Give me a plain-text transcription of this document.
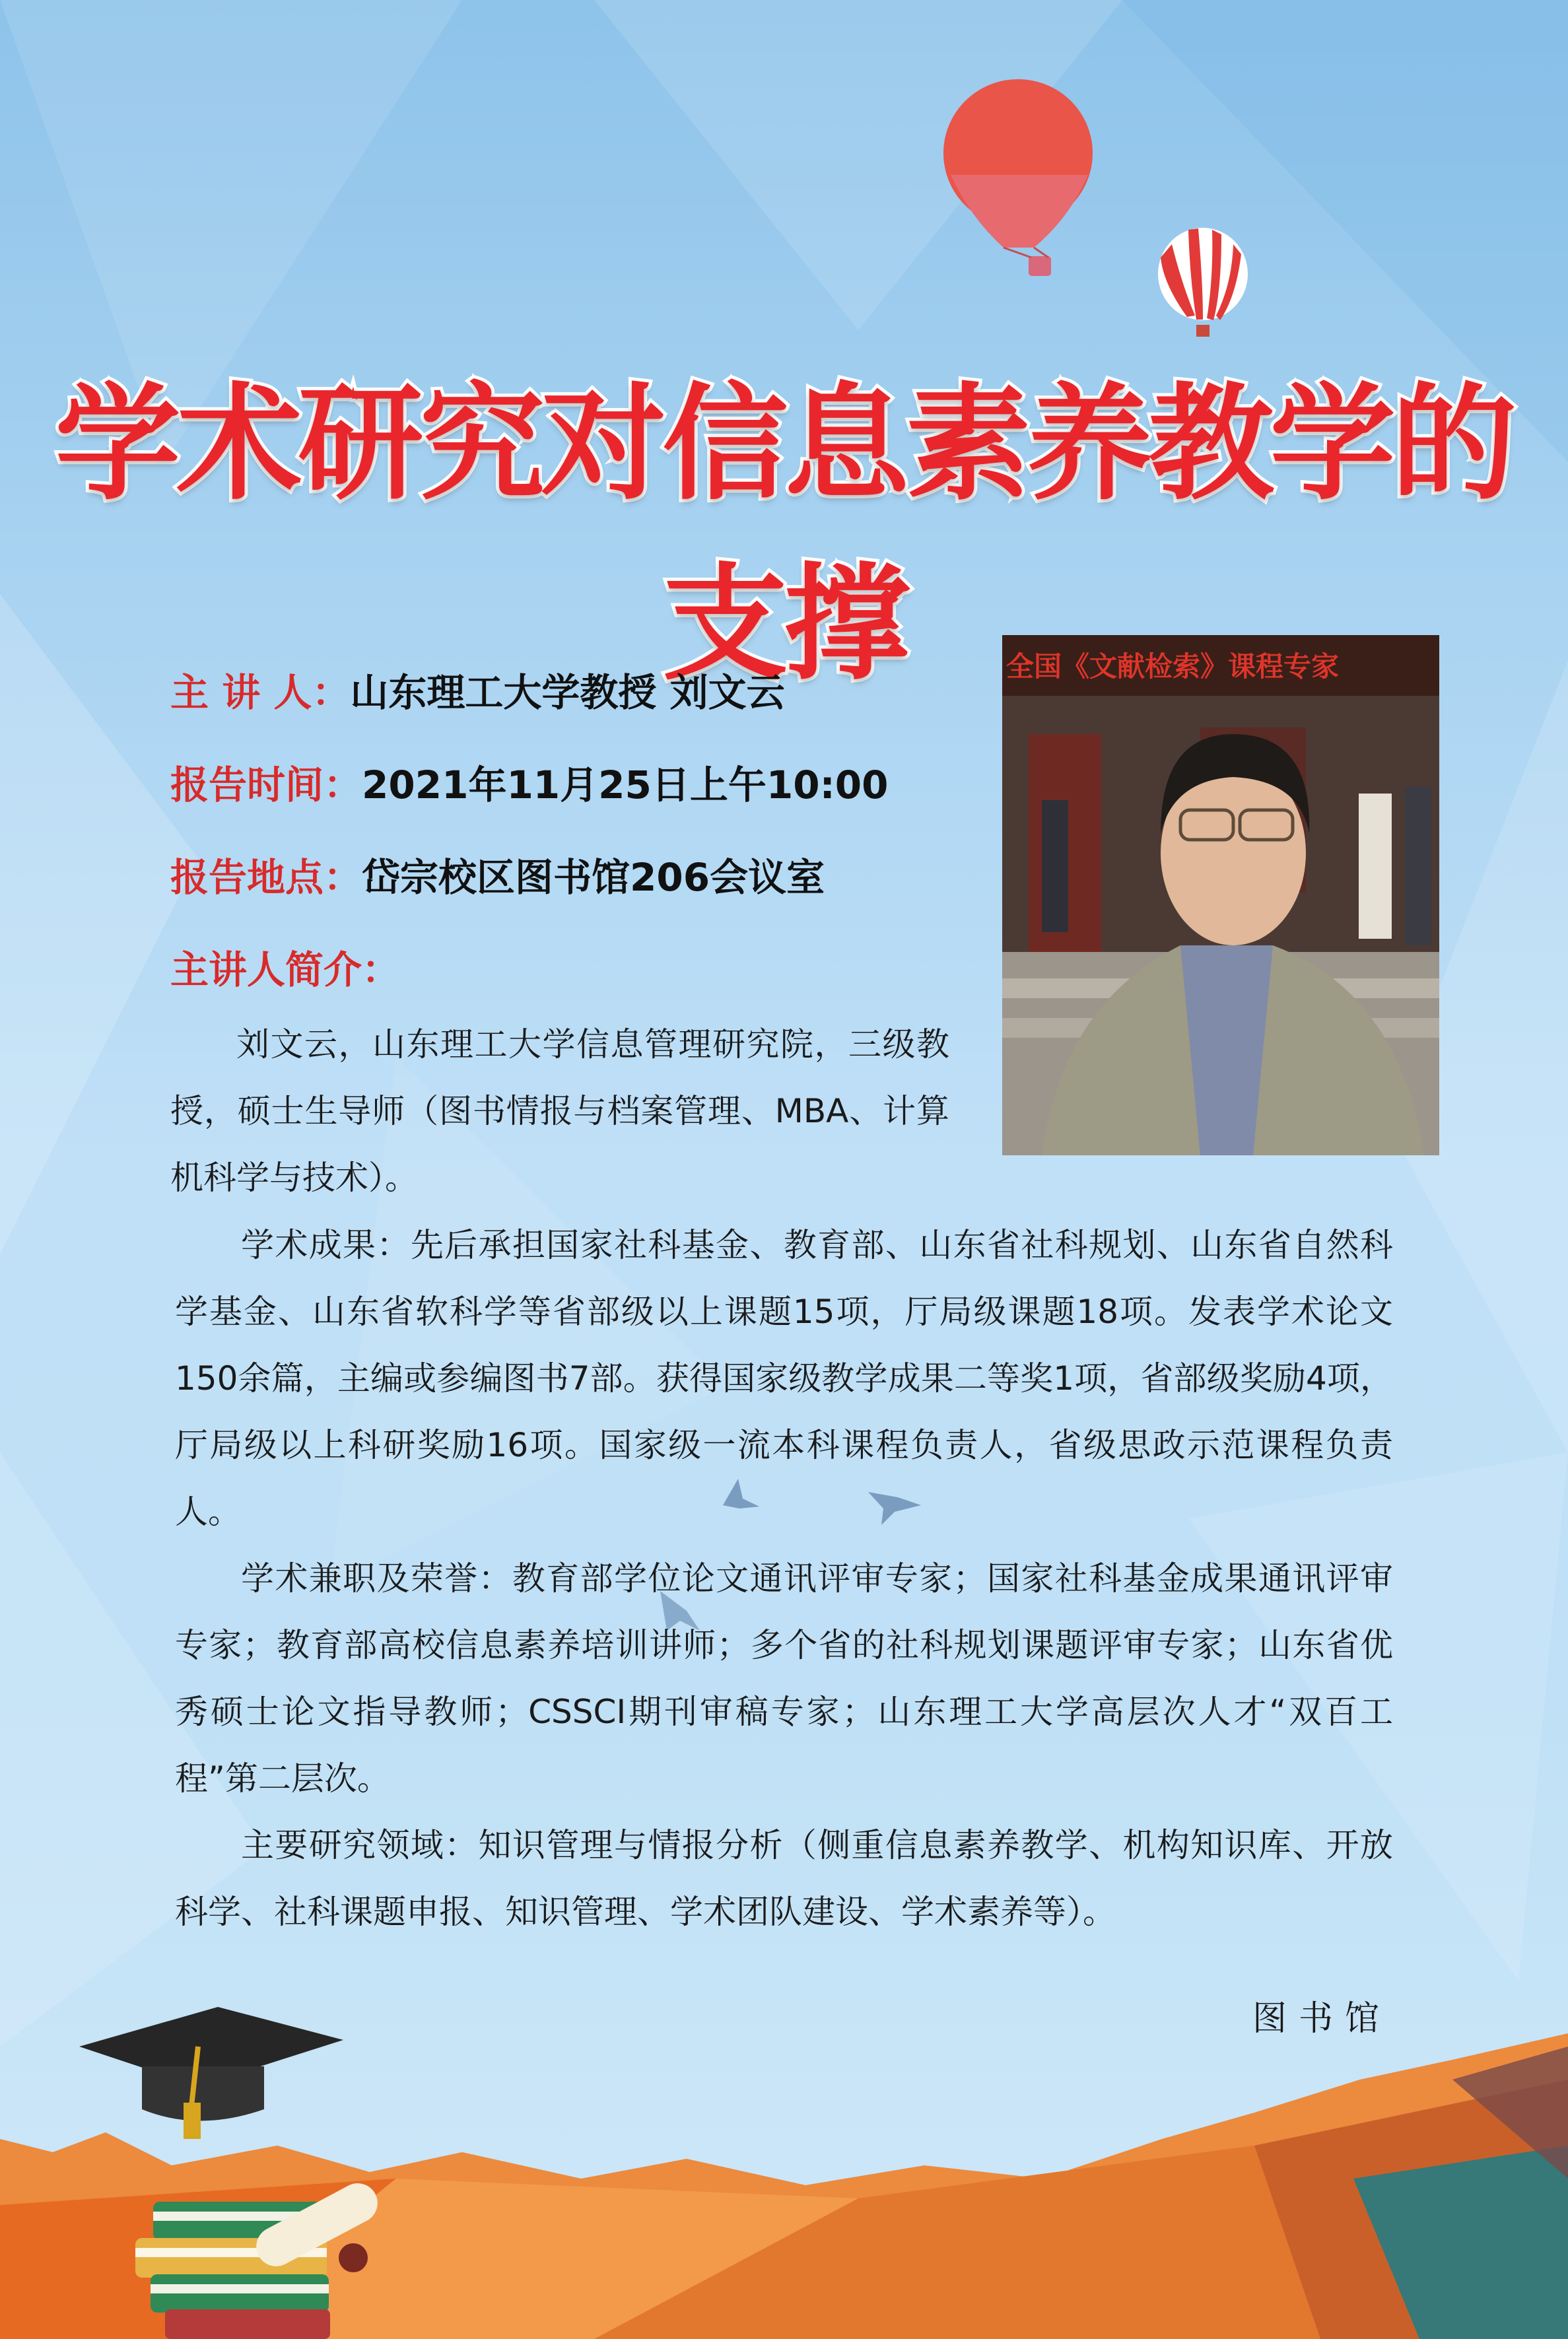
学术研究对信息素养教学的支撑
主 讲 人：山东理工大学教授 刘文云
报告时间：2021年11月25日上午10:00
报告地点：岱宗校区图书馆206会议室
主讲人简介：
全国《文献检索》课程专家
刘文云，山东理工大学信息管理研究院，三级教授，硕士生导师（图书情报与档案管理、MBA、计算机科学与技术）。
学术成果：先后承担国家社科基金、教育部、山东省社科规划、山东省自然科学基金、山东省软科学等省部级以上课题15项，厅局级课题18项。发表学术论文150余篇，主编或参编图书7部。获得国家级教学成果二等奖1项，省部级奖励4项，厅局级以上科研奖励16项。国家级一流本科课程负责人，省级思政示范课程负责人。
学术兼职及荣誉：教育部学位论文通讯评审专家；国家社科基金成果通讯评审专家；教育部高校信息素养培训讲师；多个省的社科规划课题评审专家；山东省优秀硕士论文指导教师；CSSCI期刊审稿专家；山东理工大学高层次人才“双百工程”第二层次。
主要研究领域：知识管理与情报分析（侧重信息素养教学、机构知识库、开放科学、社科课题申报、知识管理、学术团队建设、学术素养等）。
图书馆
